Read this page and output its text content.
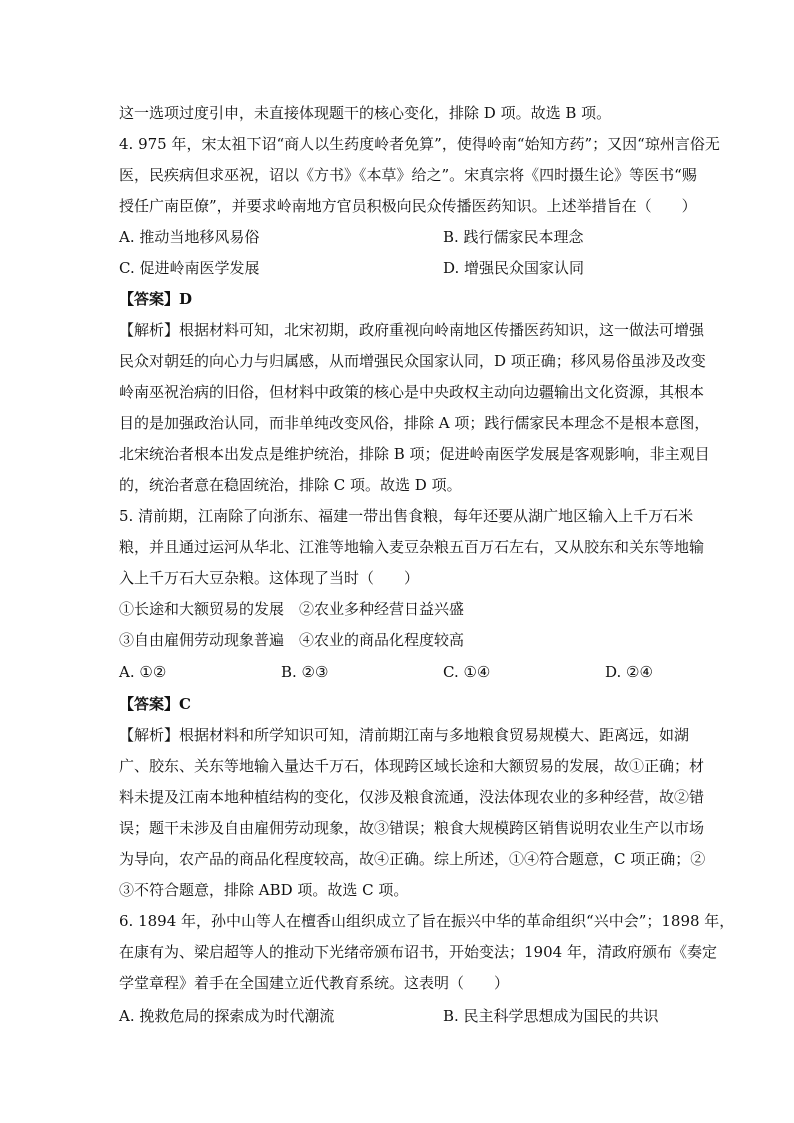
这一选项过度引申，未直接体现题干的核心变化，排除 D 项。故选 B 项。
4. 975 年，宋太祖下诏“商人以生药度岭者免算”，使得岭南“始知方药”；又因“琼州言俗无
医，民疾病但求巫祝，诏以《方书》《本草》给之”。宋真宗将《四时摄生论》等医书“赐
授任广南臣僚”，并要求岭南地方官员积极向民众传播医药知识。上述举措旨在（　　）
A. 推动当地移风易俗	B. 践行儒家民本理念
C. 促进岭南医学发展	D. 增强民众国家认同
【答案】D
【解析】根据材料可知，北宋初期，政府重视向岭南地区传播医药知识，这一做法可增强
民众对朝廷的向心力与归属感，从而增强民众国家认同，D 项正确；移风易俗虽涉及改变
岭南巫祝治病的旧俗，但材料中政策的核心是中央政权主动向边疆输出文化资源，其根本
目的是加强政治认同，而非单纯改变风俗，排除 A 项；践行儒家民本理念不是根本意图，
北宋统治者根本出发点是维护统治，排除 B 项；促进岭南医学发展是客观影响，非主观目
的，统治者意在稳固统治，排除 C 项。故选 D 项。
5. 清前期，江南除了向浙东、福建一带出售食粮，每年还要从湖广地区输入上千万石米
粮，并且通过运河从华北、江淮等地输入麦豆杂粮五百万石左右，又从胶东和关东等地输
入上千万石大豆杂粮。这体现了当时（　　）
①长途和大额贸易的发展　②农业多种经营日益兴盛
③自由雇佣劳动现象普遍　④农业的商品化程度较高
A. ①②	B. ②③	C. ①④	D. ②④
【答案】C
【解析】根据材料和所学知识可知，清前期江南与多地粮食贸易规模大、距离远，如湖
广、胶东、关东等地输入量达千万石，体现跨区域长途和大额贸易的发展，故①正确；材
料未提及江南本地种植结构的变化，仅涉及粮食流通，没法体现农业的多种经营，故②错
误；题干未涉及自由雇佣劳动现象，故③错误；粮食大规模跨区销售说明农业生产以市场
为导向，农产品的商品化程度较高，故④正确。综上所述，①④符合题意，C 项正确；②
③不符合题意，排除 ABD 项。故选 C 项。
6. 1894 年，孙中山等人在檀香山组织成立了旨在振兴中华的革命组织“兴中会”；1898 年，
在康有为、梁启超等人的推动下光绪帝颁布诏书，开始变法；1904 年，清政府颁布《奏定
学堂章程》着手在全国建立近代教育系统。这表明（　　）
A. 挽救危局的探索成为时代潮流	B. 民主科学思想成为国民的共识
